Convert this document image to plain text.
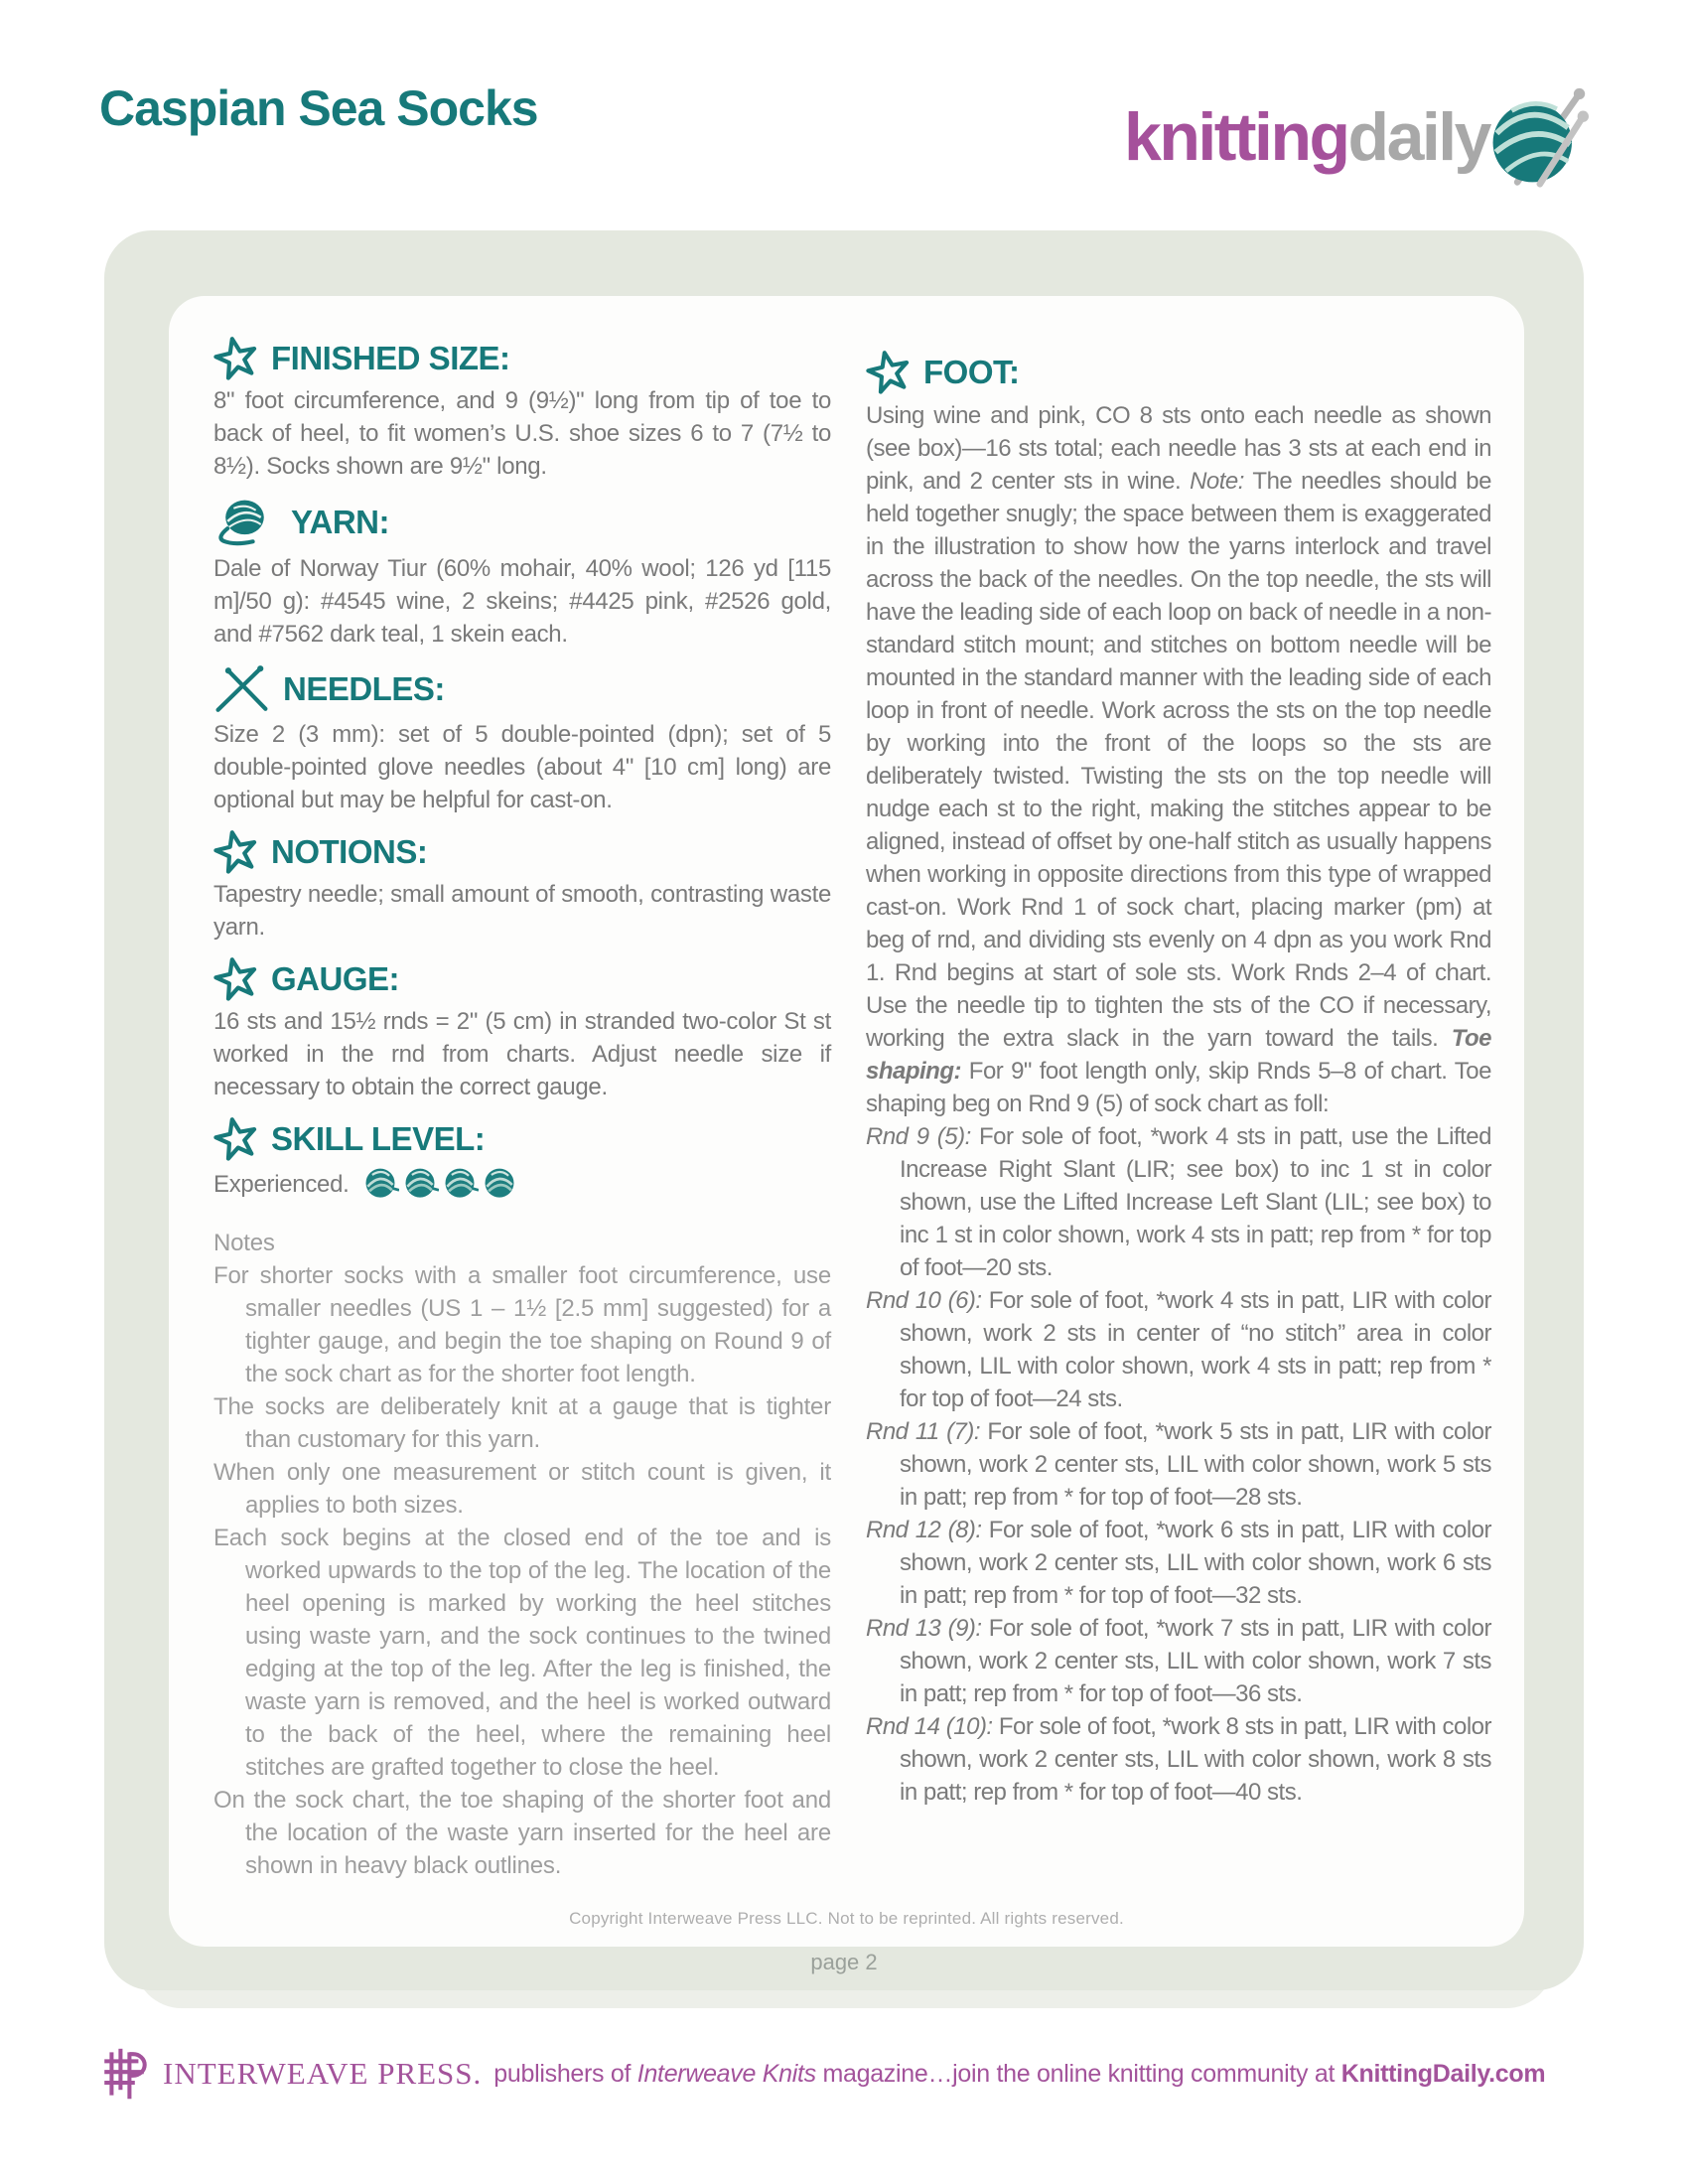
Caspian Sea Socks	knitting daily
FINISHED SIZE:
8" foot circumference, and 9 (9½)" long from tip of toe to back of heel, to fit women’s U.S. shoe sizes 6 to 7 (7½ to 8½). Socks shown are 9½" long.
YARN:
Dale of Norway Tiur (60% mohair, 40% wool; 126 yd [115 m]/50 g): #4545 wine, 2 skeins; #4425 pink, #2526 gold, and #7562 dark teal, 1 skein each.
NEEDLES:
Size 2 (3 mm): set of 5 double-pointed (dpn); set of 5 double-pointed glove needles (about 4" [10 cm] long) are optional but may be helpful for cast-on.
NOTIONS:
Tapestry needle; small amount of smooth, contrasting waste yarn.
GAUGE:
16 sts and 15½ rnds = 2" (5 cm) in stranded two-color St st worked in the rnd from charts. Adjust needle size if necessary to obtain the correct gauge.
SKILL LEVEL:
Experienced.

Notes

For shorter socks with a smaller foot circumference, use smaller needles (US 1 – 1½ [2.5 mm] suggested) for a tighter gauge, and begin the toe shaping on Round 9 of the sock chart as for the shorter foot length.

The socks are deliberately knit at a gauge that is tighter than customary for this yarn.

When only one measurement or stitch count is given, it applies to both sizes.

Each sock begins at the closed end of the toe and is worked upwards to the top of the leg. The location of the heel opening is marked by working the heel stitches using waste yarn, and the sock continues to the twined edging at the top of the leg. After the leg is finished, the waste yarn is removed, and the heel is worked outward to the back of the heel, where the remaining heel stitches are grafted together to close the heel.

On the sock chart, the toe shaping of the shorter foot and the location of the waste yarn inserted for the heel are shown in heavy black outlines.

FOOT:

Using wine and pink, CO 8 sts onto each needle as shown (see box)—16 sts total; each needle has 3 sts at each end in pink, and 2 center sts in wine. Note: The needles should be held together snugly; the space between them is exaggerated in the illustration to show how the yarns interlock and travel across the back of the needles. On the top needle, the sts will have the leading side of each loop on back of needle in a non-standard stitch mount; and stitches on bottom needle will be mounted in the standard manner with the leading side of each loop in front of needle. Work across the sts on the top needle by working into the front of the loops so the sts are deliberately twisted. Twisting the sts on the top needle will nudge each st to the right, making the stitches appear to be aligned, instead of offset by one-half stitch as usually happens when working in opposite directions from this type of wrapped cast-on. Work Rnd 1 of sock chart, placing marker (pm) at beg of rnd, and dividing sts evenly on 4 dpn as you work Rnd 1. Rnd begins at start of sole sts. Work Rnds 2–4 of chart. Use the needle tip to tighten the sts of the CO if necessary, working the extra slack in the yarn toward the tails. Toe shaping: For 9" foot length only, skip Rnds 5–8 of chart. Toe shaping beg on Rnd 9 (5) of sock chart as foll:

Rnd 9 (5): For sole of foot, *work 4 sts in patt, use the Lifted Increase Right Slant (LIR; see box) to inc 1 st in color shown, use the Lifted Increase Left Slant (LIL; see box) to inc 1 st in color shown, work 4 sts in patt; rep from * for top of foot—20 sts.

Rnd 10 (6): For sole of foot, *work 4 sts in patt, LIR with color shown, work 2 sts in center of “no stitch” area in color shown, LIL with color shown, work 4 sts in patt; rep from * for top of foot—24 sts.

Rnd 11 (7): For sole of foot, *work 5 sts in patt, LIR with color shown, work 2 center sts, LIL with color shown, work 5 sts in patt; rep from * for top of foot—28 sts.

Rnd 12 (8): For sole of foot, *work 6 sts in patt, LIR with color shown, work 2 center sts, LIL with color shown, work 6 sts in patt; rep from * for top of foot—32 sts.

Rnd 13 (9): For sole of foot, *work 7 sts in patt, LIR with color shown, work 2 center sts, LIL with color shown, work 7 sts in patt; rep from * for top of foot—36 sts.

Rnd 14 (10): For sole of foot, *work 8 sts in patt, LIR with color shown, work 2 center sts, LIL with color shown, work 8 sts in patt; rep from * for top of foot—40 sts.

Copyright Interweave Press LLC. Not to be reprinted. All rights reserved.
page 2
INTERWEAVE PRESS. publishers of Interweave Knits magazine…join the online knitting community at KnittingDaily.com
